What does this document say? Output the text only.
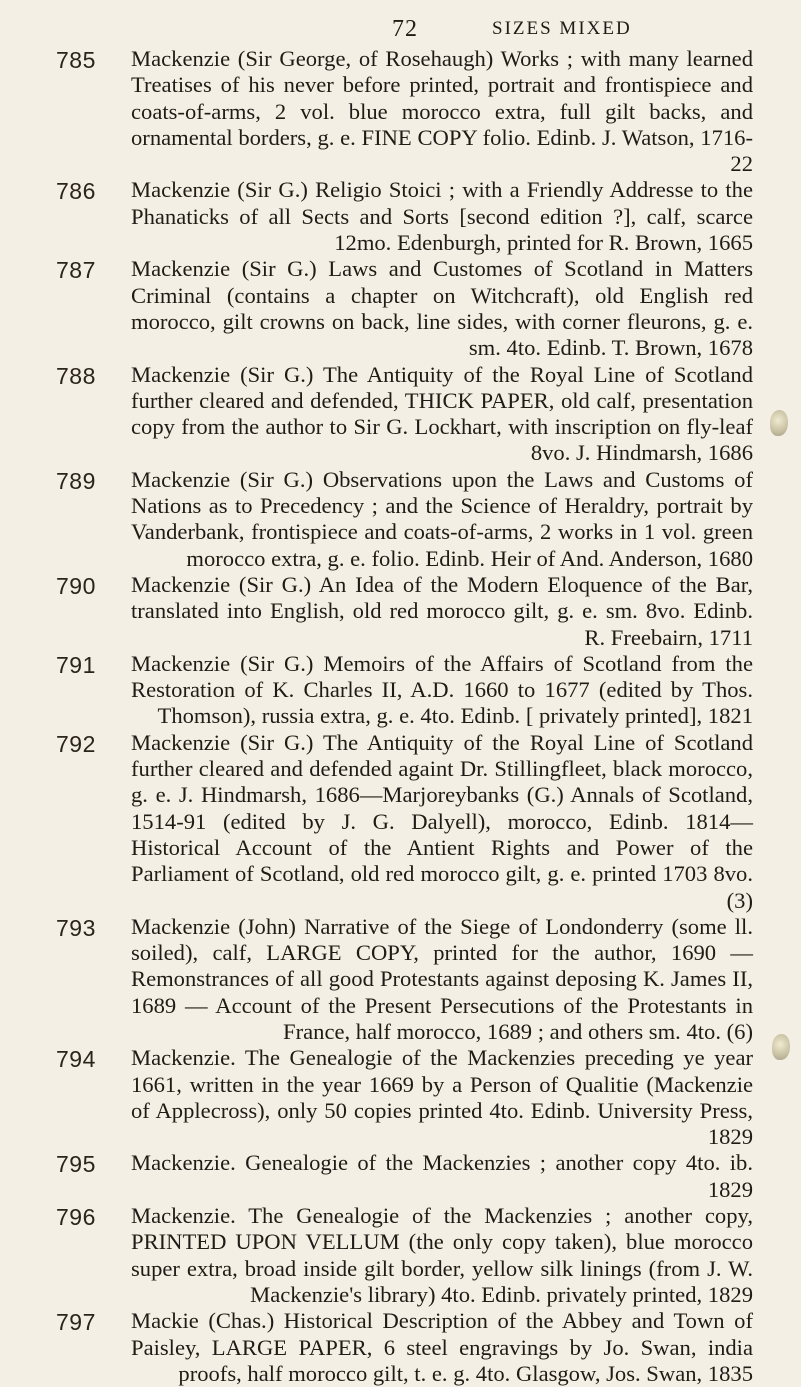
72	SIZES MIXED
785	Mackenzie (Sir George, of Rosehaugh) Works ; with many learned Treatises of his never before printed, portrait and frontispiece and coats-of-arms, 2 vol. blue morocco extra, full gilt backs, and ornamental borders, g. e. FINE COPY folio. Edinb. J. Watson, 1716-22
786	Mackenzie (Sir G.) Religio Stoici ; with a Friendly Addresse to the Phanaticks of all Sects and Sorts [second edition ?], calf, scarce 12mo. Edenburgh, printed for R. Brown, 1665
787	Mackenzie (Sir G.) Laws and Customes of Scotland in Matters Criminal (contains a chapter on Witchcraft), old English red morocco, gilt crowns on back, line sides, with corner fleurons, g. e. sm. 4to. Edinb. T. Brown, 1678
788	Mackenzie (Sir G.) The Antiquity of the Royal Line of Scotland further cleared and defended, THICK PAPER, old calf, presentation copy from the author to Sir G. Lockhart, with inscription on fly-leaf 8vo. J. Hindmarsh, 1686
789	Mackenzie (Sir G.) Observations upon the Laws and Customs of Nations as to Precedency ; and the Science of Heraldry, portrait by Vanderbank, frontispiece and coats-of-arms, 2 works in 1 vol. green morocco extra, g. e. folio. Edinb. Heir of And. Anderson, 1680
790	Mackenzie (Sir G.) An Idea of the Modern Eloquence of the Bar, translated into English, old red morocco gilt, g. e. sm. 8vo. Edinb. R. Freebairn, 1711
791	Mackenzie (Sir G.) Memoirs of the Affairs of Scotland from the Restoration of K. Charles II, A.D. 1660 to 1677 (edited by Thos. Thomson), russia extra, g. e. 4to. Edinb. [ privately printed], 1821
792	Mackenzie (Sir G.) The Antiquity of the Royal Line of Scotland further cleared and defended againt Dr. Stillingfleet, black morocco, g. e. J. Hindmarsh, 1686—Marjoreybanks (G.) Annals of Scotland, 1514-91 (edited by J. G. Dalyell), morocco, Edinb. 1814—Historical Account of the Antient Rights and Power of the Parliament of Scotland, old red morocco gilt, g. e. printed 1703 8vo. (3)
793	Mackenzie (John) Narrative of the Siege of Londonderry (some ll. soiled), calf, LARGE COPY, printed for the author, 1690 — Remonstrances of all good Protestants against deposing K. James II, 1689 — Account of the Present Persecutions of the Protestants in France, half morocco, 1689 ; and others sm. 4to. (6)
794	Mackenzie. The Genealogie of the Mackenzies preceding ye year 1661, written in the year 1669 by a Person of Qualitie (Mackenzie of Applecross), only 50 copies printed 4to. Edinb. University Press, 1829
795	Mackenzie. Genealogie of the Mackenzies ; another copy 4to. ib. 1829
796	Mackenzie. The Genealogie of the Mackenzies ; another copy, PRINTED UPON VELLUM (the only copy taken), blue morocco super extra, broad inside gilt border, yellow silk linings (from J. W. Mackenzie's library) 4to. Edinb. privately printed, 1829
797	Mackie (Chas.) Historical Description of the Abbey and Town of Paisley, LARGE PAPER, 6 steel engravings by Jo. Swan, india proofs, half morocco gilt, t. e. g. 4to. Glasgow, Jos. Swan, 1835
